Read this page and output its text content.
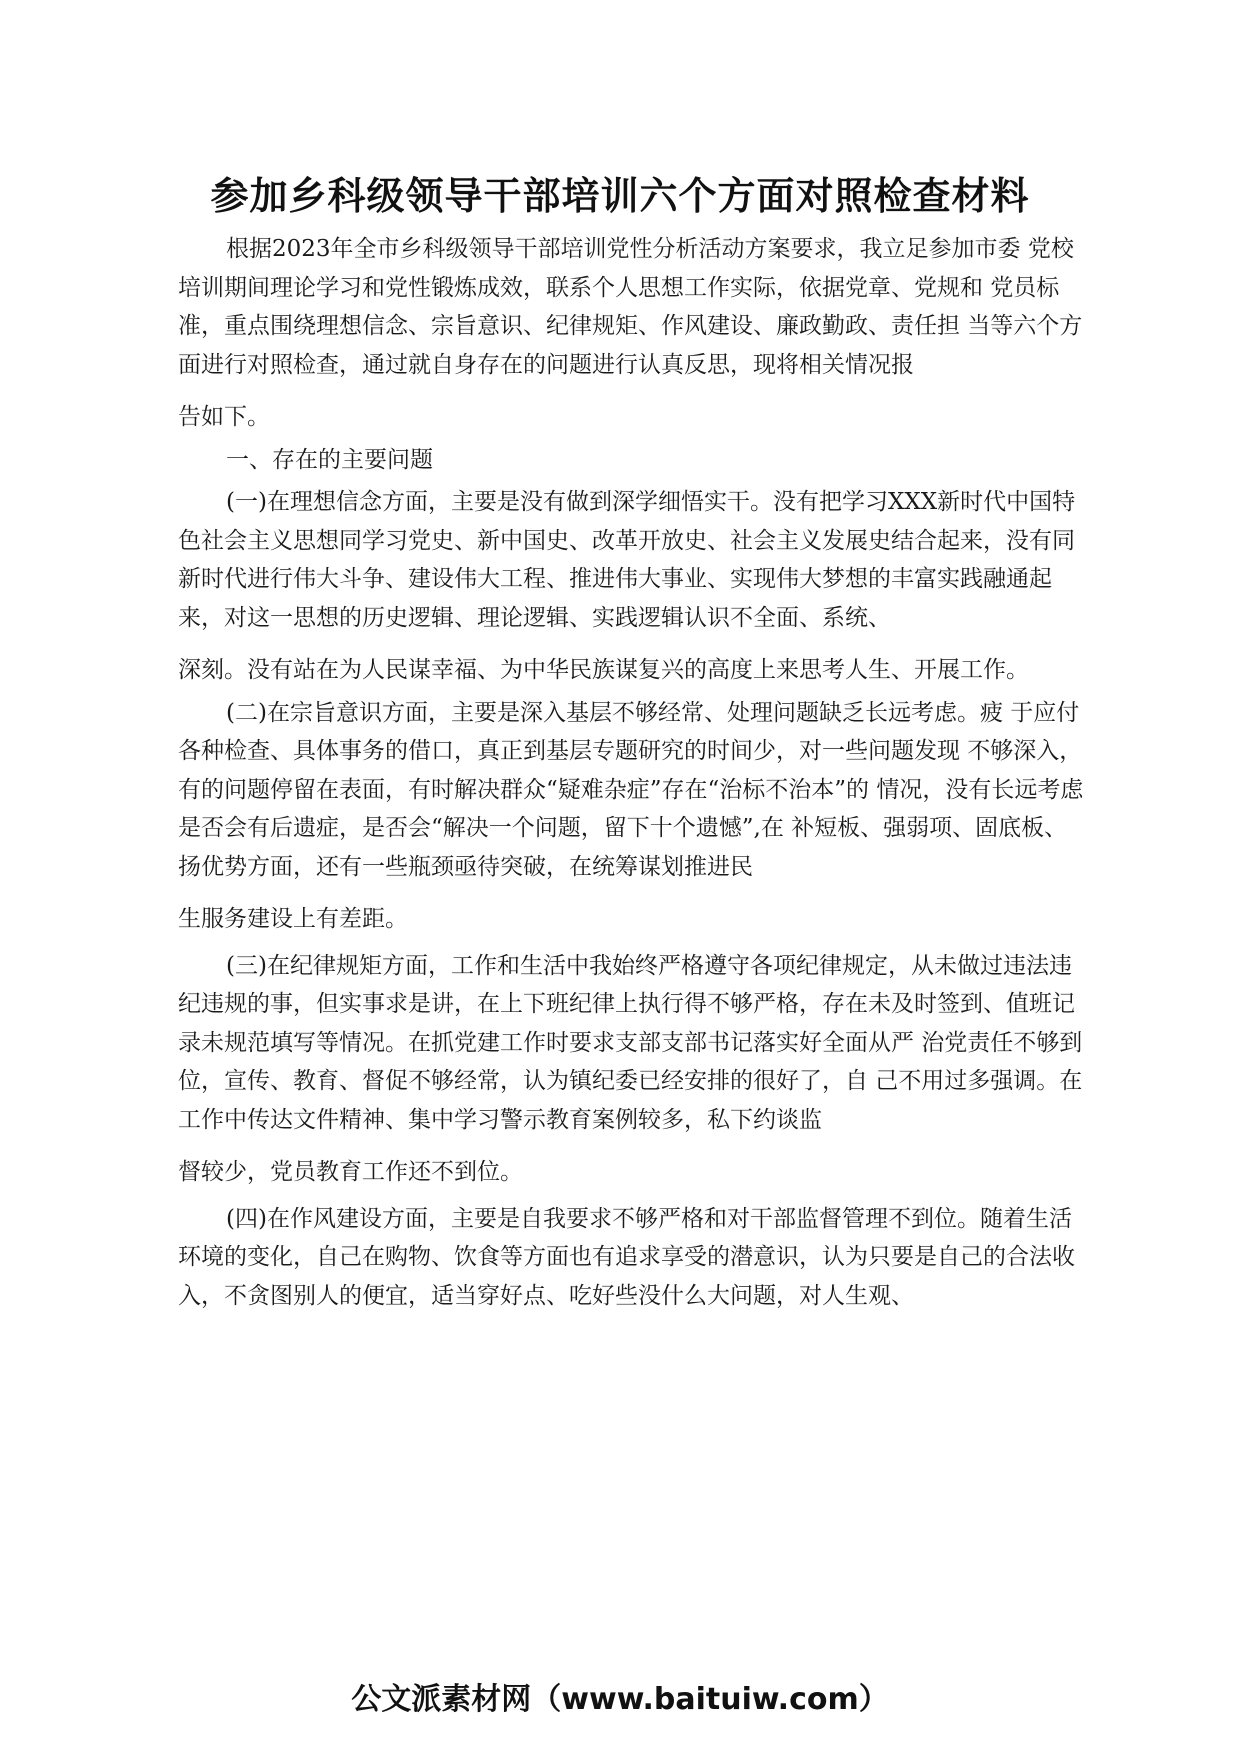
参加乡科级领导干部培训六个方面对照检查材料

根据2023年全市乡科级领导干部培训党性分析活动方案要求，我立足参加市委 党校培训期间理论学习和党性锻炼成效，联系个人思想工作实际，依据党章、党规和 党员标准，重点围绕理想信念、宗旨意识、纪律规矩、作风建设、廉政勤政、责任担 当等六个方面进行对照检查，通过就自身存在的问题进行认真反思，现将相关情况报

告如下。

一、存在的主要问题

(一)在理想信念方面，主要是没有做到深学细悟实干。没有把学习XXX新时代中国特色社会主义思想同学习党史、新中国史、改革开放史、社会主义发展史结合起来，没有同新时代进行伟大斗争、建设伟大工程、推进伟大事业、实现伟大梦想的丰富实践融通起来，对这一思想的历史逻辑、理论逻辑、实践逻辑认识不全面、系统、

深刻。没有站在为人民谋幸福、为中华民族谋复兴的高度上来思考人生、开展工作。

(二)在宗旨意识方面，主要是深入基层不够经常、处理问题缺乏长远考虑。疲 于应付各种检查、具体事务的借口，真正到基层专题研究的时间少，对一些问题发现 不够深入，有的问题停留在表面，有时解决群众“疑难杂症”存在“治标不治本”的 情况，没有长远考虑是否会有后遗症，是否会“解决一个问题，留下十个遗憾”,在 补短板、强弱项、固底板、扬优势方面，还有一些瓶颈亟待突破，在统筹谋划推进民

生服务建设上有差距。

(三)在纪律规矩方面，工作和生活中我始终严格遵守各项纪律规定，从未做过违法违纪违规的事，但实事求是讲，在上下班纪律上执行得不够严格，存在未及时签到、值班记录未规范填写等情况。在抓党建工作时要求支部支部书记落实好全面从严 治党责任不够到位，宣传、教育、督促不够经常，认为镇纪委已经安排的很好了，自 己不用过多强调。在工作中传达文件精神、集中学习警示教育案例较多，私下约谈监

督较少，党员教育工作还不到位。

(四)在作风建设方面，主要是自我要求不够严格和对干部监督管理不到位。随着生活环境的变化，自己在购物、饮食等方面也有追求享受的潜意识，认为只要是自己的合法收入，不贪图别人的便宜，适当穿好点、吃好些没什么大问题，对人生观、

公文派素材网（www.baituiw.com）
